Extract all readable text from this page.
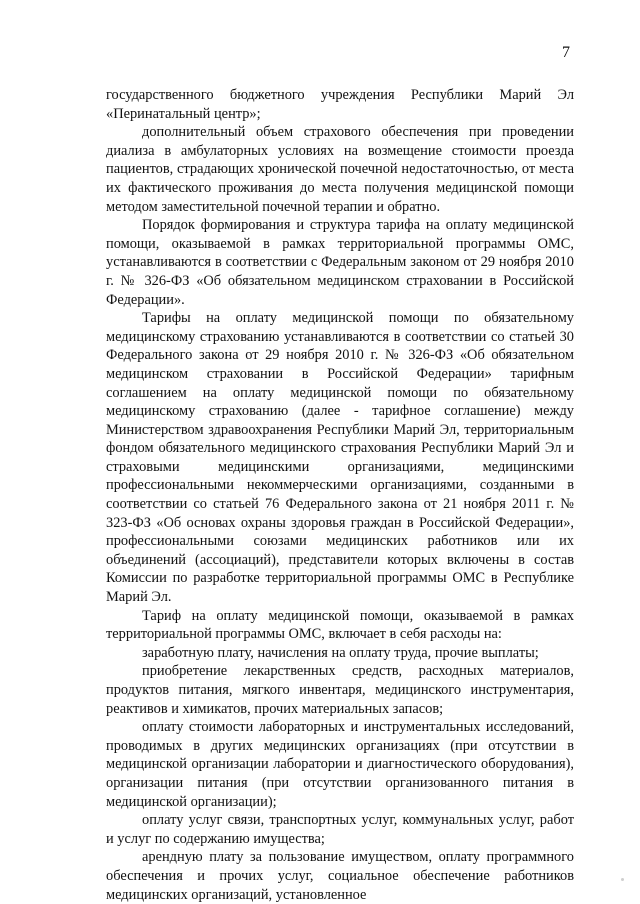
7

государственного бюджетного учреждения Республики Марий Эл «Перинатальный центр»;

дополнительный объем страхового обеспечения при проведении диализа в амбулаторных условиях на возмещение стоимости проезда пациентов, страдающих хронической почечной недостаточностью, от места их фактического проживания до места получения медицинской помощи методом заместительной почечной терапии и обратно.

Порядок формирования и структура тарифа на оплату медицинской помощи, оказываемой в рамках территориальной программы ОМС, устанавливаются в соответствии с Федеральным законом от 29 ноября 2010 г. № 326-ФЗ «Об обязательном медицинском страховании в Российской Федерации».

Тарифы на оплату медицинской помощи по обязательному медицинскому страхованию устанавливаются в соответствии со статьей 30 Федерального закона от 29 ноября 2010 г. № 326-ФЗ «Об обязательном медицинском страховании в Российской Федерации» тарифным соглашением на оплату медицинской помощи по обязательному медицинскому страхованию (далее - тарифное соглашение) между Министерством здравоохранения Республики Марий Эл, территориальным фондом обязательного медицинского страхования Республики Марий Эл и страховыми медицинскими организациями, медицинскими профессиональными некоммерческими организациями, созданными в соответствии со статьей 76 Федерального закона от 21 ноября 2011 г. № 323-ФЗ «Об основах охраны здоровья граждан в Российской Федерации», профессиональными союзами медицинских работников или их объединений (ассоциаций), представители которых включены в состав Комиссии по разработке территориальной программы ОМС в Республике Марий Эл.

Тариф на оплату медицинской помощи, оказываемой в рамках территориальной программы ОМС, включает в себя расходы на:

заработную плату, начисления на оплату труда, прочие выплаты;

приобретение лекарственных средств, расходных материалов, продуктов питания, мягкого инвентаря, медицинского инструментария, реактивов и химикатов, прочих материальных запасов;

оплату стоимости лабораторных и инструментальных исследований, проводимых в других медицинских организациях (при отсутствии в медицинской организации лаборатории и диагностического оборудования), организации питания (при отсутствии организованного питания в медицинской организации);

оплату услуг связи, транспортных услуг, коммунальных услуг, работ и услуг по содержанию имущества;

арендную плату за пользование имуществом, оплату программного обеспечения и прочих услуг, социальное обеспечение работников медицинских организаций, установленное
